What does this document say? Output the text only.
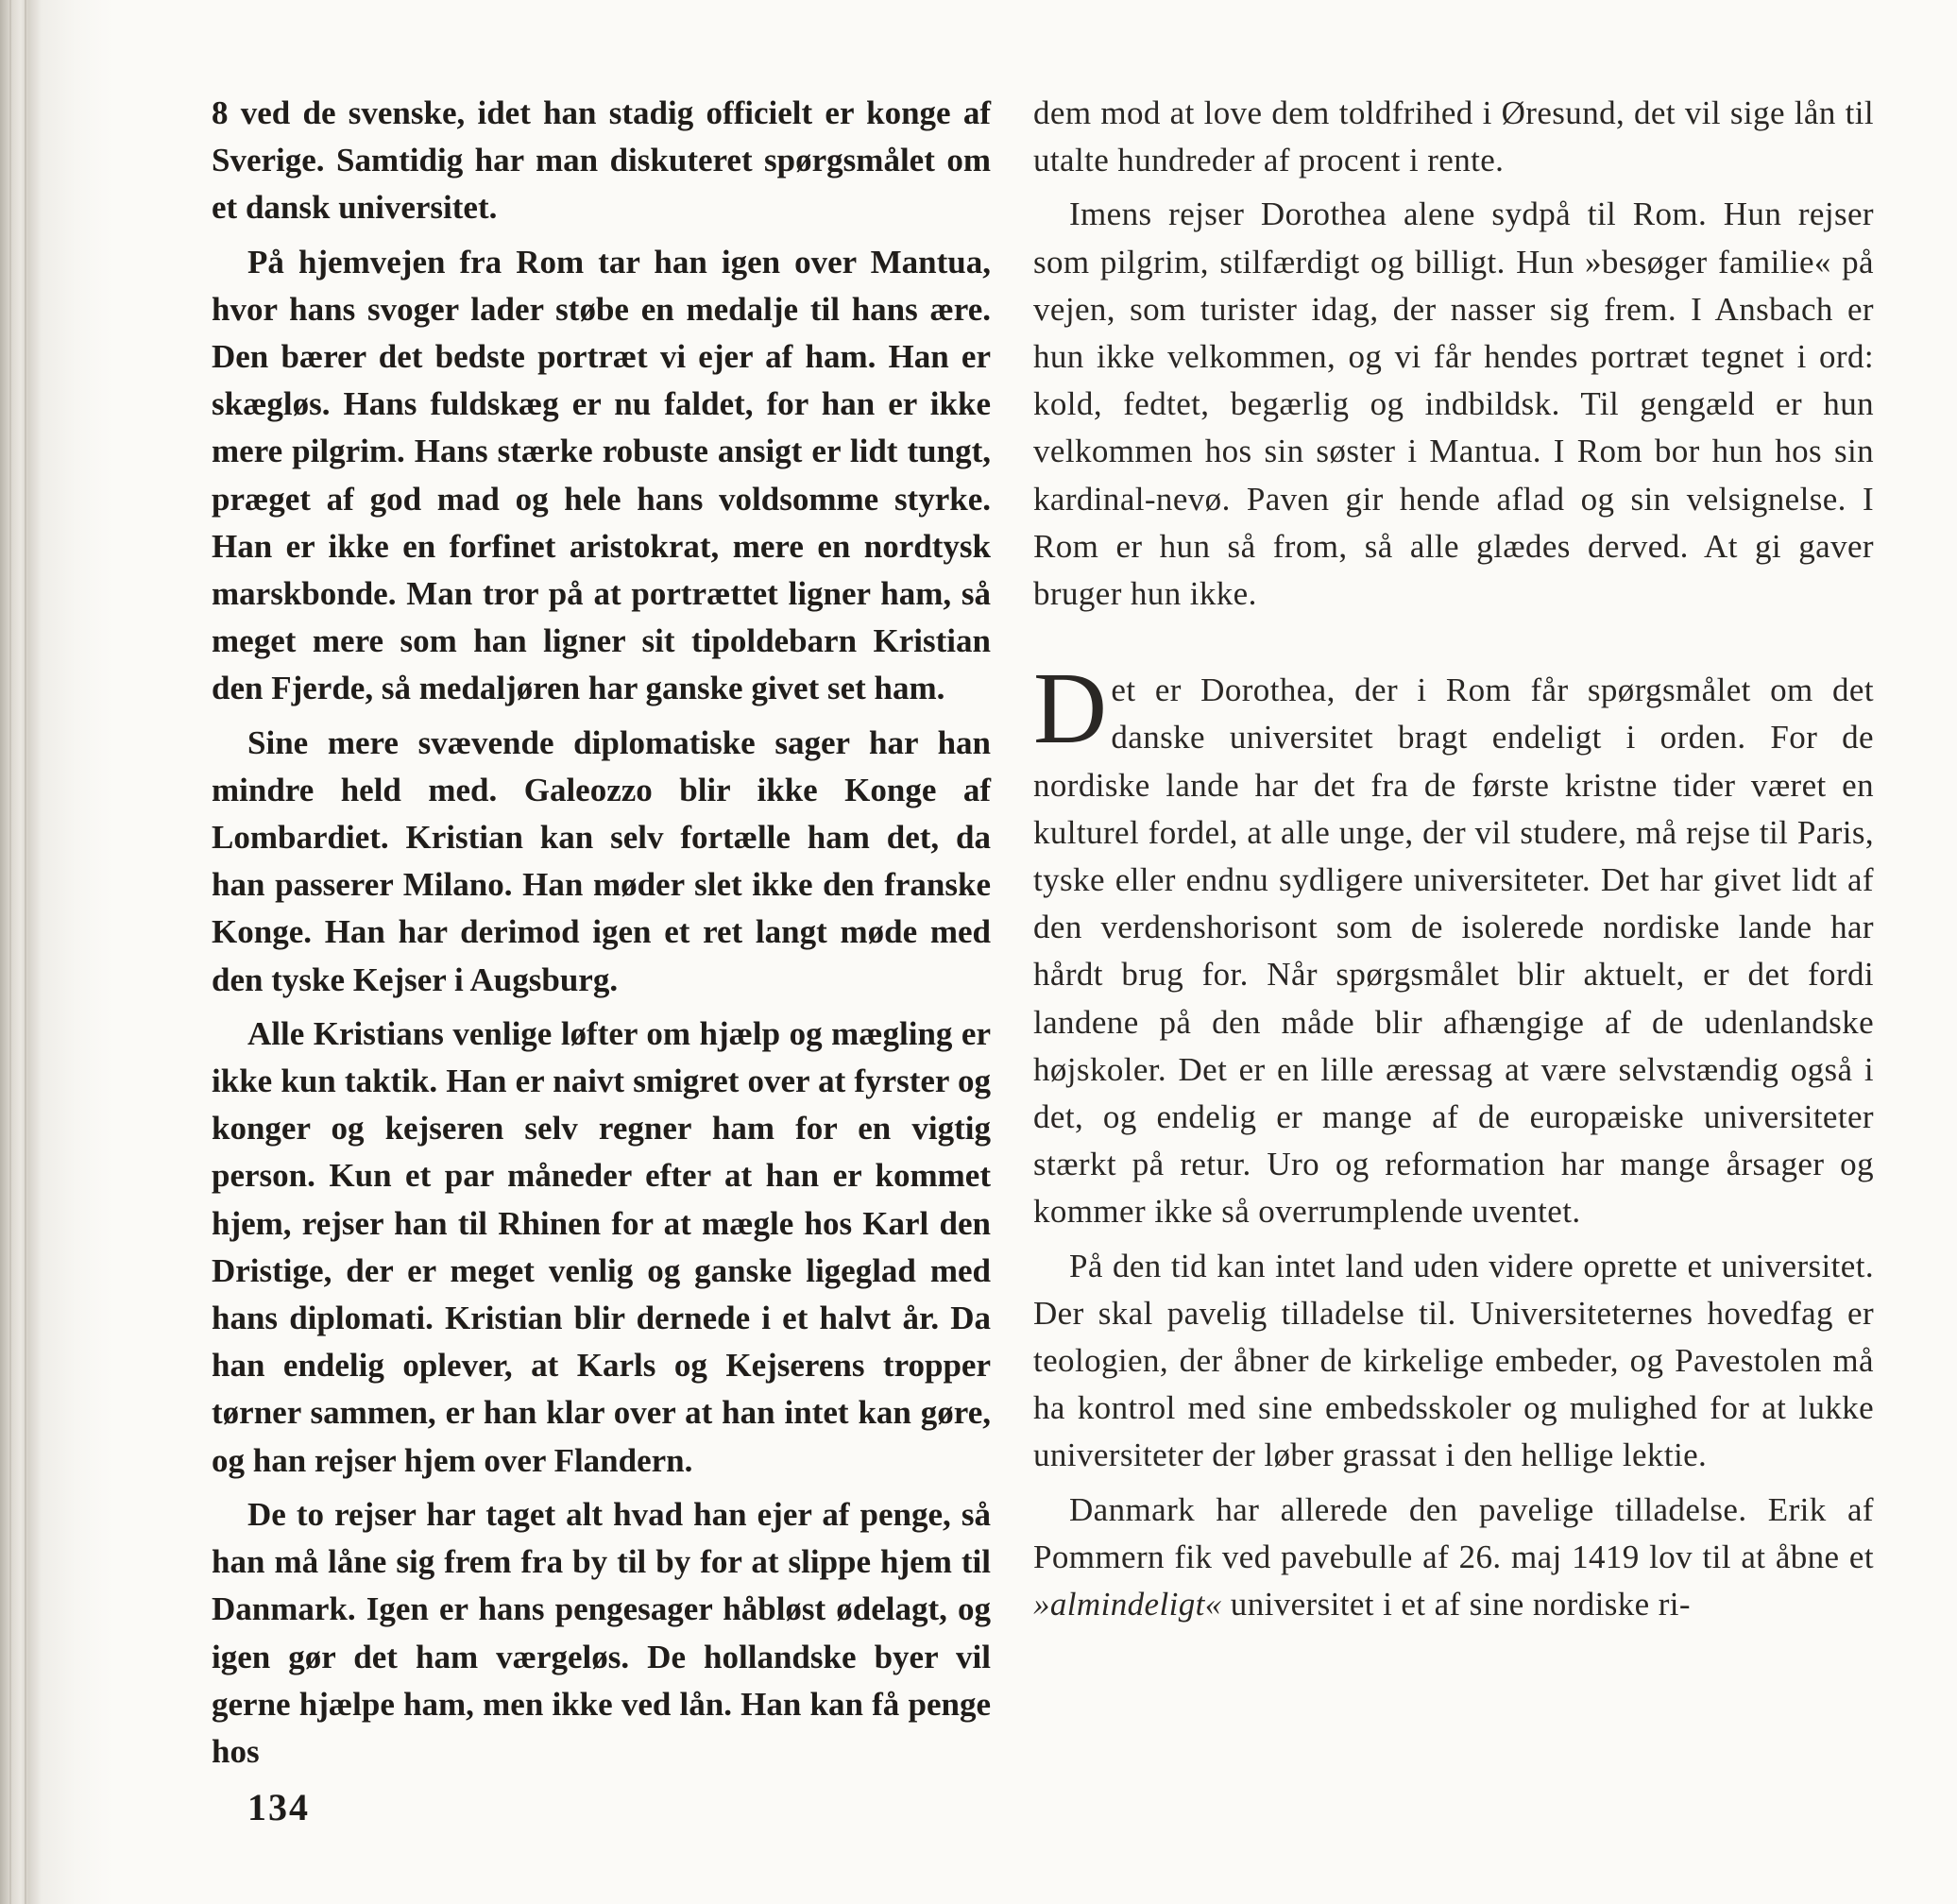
8 ved de svenske, idet han stadig officielt er konge af Sverige. Samtidig har man diskuteret spørgsmålet om et dansk universitet.

På hjemvejen fra Rom tar han igen over Mantua, hvor hans svoger lader støbe en medalje til hans ære. Den bærer det bedste portræt vi ejer af ham. Han er skægløs. Hans fuldskæg er nu faldet, for han er ikke mere pilgrim. Hans stærke robuste ansigt er lidt tungt, præget af god mad og hele hans voldsomme styrke. Han er ikke en forfinet aristokrat, mere en nordtysk marskbonde. Man tror på at portrættet ligner ham, så meget mere som han ligner sit tipoldebarn Kristian den Fjerde, så medaljøren har ganske givet set ham.

Sine mere svævende diplomatiske sager har han mindre held med. Galeozzo blir ikke Konge af Lombardiet. Kristian kan selv fortælle ham det, da han passerer Milano. Han møder slet ikke den franske Konge. Han har derimod igen et ret langt møde med den tyske Kejser i Augsburg.

Alle Kristians venlige løfter om hjælp og mægling er ikke kun taktik. Han er naivt smigret over at fyrster og konger og kejseren selv regner ham for en vigtig person. Kun et par måneder efter at han er kommet hjem, rejser han til Rhinen for at mægle hos Karl den Dristige, der er meget venlig og ganske ligeglad med hans diplomati. Kristian blir dernede i et halvt år. Da han endelig oplever, at Karls og Kejserens tropper tørner sammen, er han klar over at han intet kan gøre, og han rejser hjem over Flandern.

De to rejser har taget alt hvad han ejer af penge, så han må låne sig frem fra by til by for at slippe hjem til Danmark. Igen er hans pengesager håbløst ødelagt, og igen gør det ham værgeløs. De hollandske byer vil gerne hjælpe ham, men ikke ved lån. Han kan få penge hos

dem mod at love dem toldfrihed i Øresund, det vil sige lån til utalte hundreder af procent i rente.

Imens rejser Dorothea alene sydpå til Rom. Hun rejser som pilgrim, stilfærdigt og billigt. Hun »besøger familie« på vejen, som turister idag, der nasser sig frem. I Ansbach er hun ikke velkommen, og vi får hendes portræt tegnet i ord: kold, fedtet, begærlig og indbildsk. Til gengæld er hun velkommen hos sin søster i Mantua. I Rom bor hun hos sin kardinal-nevø. Paven gir hende aflad og sin velsignelse. I Rom er hun så from, så alle glædes derved. At gi gaver bruger hun ikke.

Det er Dorothea, der i Rom får spørgsmålet om det danske universitet bragt endeligt i orden. For de nordiske lande har det fra de første kristne tider været en kulturel fordel, at alle unge, der vil studere, må rejse til Paris, tyske eller endnu sydligere universiteter. Det har givet lidt af den verdenshorisont som de isolerede nordiske lande har hårdt brug for. Når spørgsmålet blir aktuelt, er det fordi landene på den måde blir afhængige af de udenlandske højskoler. Det er en lille æressag at være selvstændig også i det, og endelig er mange af de europæiske universiteter stærkt på retur. Uro og reformation har mange årsager og kommer ikke så overrumplende uventet.

På den tid kan intet land uden videre oprette et universitet. Der skal pavelig tilladelse til. Universiteternes hovedfag er teologien, der åbner de kirkelige embeder, og Pavestolen må ha kontrol med sine embedsskoler og mulighed for at lukke universiteter der løber grassat i den hellige lektie.

Danmark har allerede den pavelige tilladelse. Erik af Pommern fik ved pavebulle af 26. maj 1419 lov til at åbne et »almindeligt« universitet i et af sine nordiske ri-

134
